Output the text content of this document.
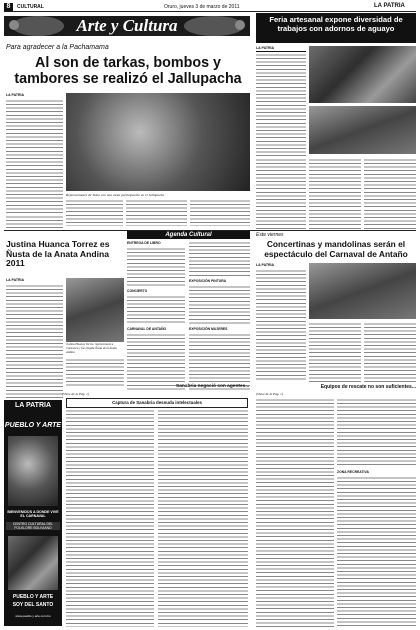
8	CULTURAL	Oruro, jueves 3 de marzo de 2011	LA PATRIA
Arte y Cultura	Feria artesanal expone diversidad de trabajos con adornos de aguayo
LA PATRIA
Para agradecer a la Pachamama
Al son de tarkas, bombos y tambores se realizó el Jallupacha
LA PATRIA
Representantes de Toleo con una vasta participación en el Jallupacha
Agenda Cultural
Justina Huanca Torrez es Ñusta de la Anata Andina 2011
LA PATRIA
Justina Huanca Torrez, representante a Curawara y fue elegida Ñusta de la Anata Andina
ENTREGA DE LIBRO
CONCIERTO
CARNAVAL DE ANTAÑO
EXPOSICIÓN PINTURA
EXPOSICIÓN MUJERES
(Viene de la Pág. 1)
Captura de Sanabria desnuda intelectuales
LA PATRIA
PUEBLO Y ARTE
BIENVENIDOS A DONDE VIVE EL CARNAVAL
CENTRO CULTURAL DEL FOLKLORE BOLIVIANO
PUEBLO Y ARTE
SOY DEL SANTO
www.pueblo y arte.com.bo
Este viernes
Concertinas y mandolinas serán el espectáculo del Carnaval de Antaño
LA PATRIA
Sanabria negoció con agentes...	Equipos de rescate no son suficientes...
(Viene de la Pág. 1)
ZONA RECREATIVA
